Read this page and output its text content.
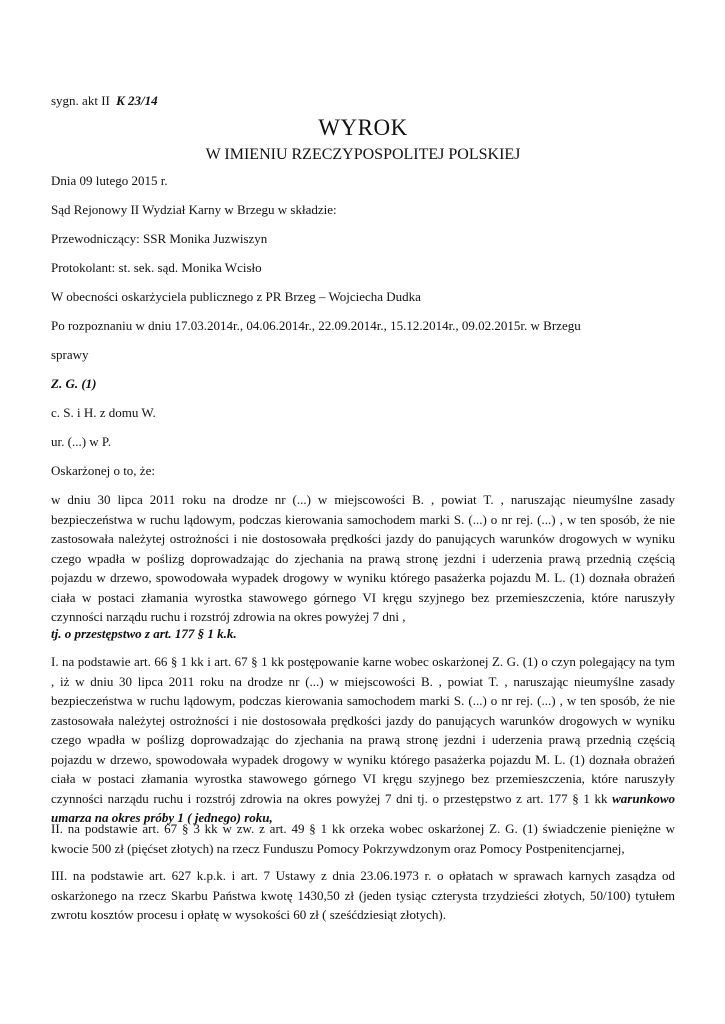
sygn. akt II K 23/14
WYROK
W IMIENIU RZECZYPOSPOLITEJ POLSKIEJ
Dnia 09 lutego 2015 r.
Sąd Rejonowy II Wydział Karny w Brzegu w składzie:
Przewodniczący: SSR Monika Juzwiszyn
Protokolant: st. sek. sąd. Monika Wcisło
W obecności oskarżyciela publicznego z PR Brzeg – Wojciecha Dudka
Po rozpoznaniu w dniu 17.03.2014r., 04.06.2014r., 22.09.2014r., 15.12.2014r., 09.02.2015r. w Brzegu
sprawy
Z. G. (1)
c. S. i H. z domu W.
ur. (...) w P.
Oskarżonej o to, że:
w dniu 30 lipca 2011 roku na drodze nr (...) w miejscowości B. , powiat T. , naruszając nieumyślne zasady bezpieczeństwa w ruchu lądowym, podczas kierowania samochodem marki S. (...) o nr rej. (...) , w ten sposób, że nie zastosowała należytej ostrożności i nie dostosowała prędkości jazdy do panujących warunków drogowych w wyniku czego wpadła w poślizg doprowadzając do zjechania na prawą stronę jezdni i uderzenia prawą przednią częścią pojazdu w drzewo, spowodowała wypadek drogowy w wyniku którego pasażerka pojazdu M. L. (1) doznała obrażeń ciała w postaci złamania wyrostka stawowego górnego VI kręgu szyjnego bez przemieszczenia, które naruszyły czynności narządu ruchu i rozstrój zdrowia na okres powyżej 7 dni ,
tj. o przestępstwo z art. 177 § 1 k.k.
I. na podstawie art. 66 § 1 kk i art. 67 § 1 kk postępowanie karne wobec oskarżonej Z. G. (1) o czyn polegający na tym , iż w dniu 30 lipca 2011 roku na drodze nr (...) w miejscowości B. , powiat T. , naruszając nieumyślne zasady bezpieczeństwa w ruchu lądowym, podczas kierowania samochodem marki S. (...) o nr rej. (...) , w ten sposób, że nie zastosowała należytej ostrożności i nie dostosowała prędkości jazdy do panujących warunków drogowych w wyniku czego wpadła w poślizg doprowadzając do zjechania na prawą stronę jezdni i uderzenia prawą przednią częścią pojazdu w drzewo, spowodowała wypadek drogowy w wyniku którego pasażerka pojazdu M. L. (1) doznała obrażeń ciała w postaci złamania wyrostka stawowego górnego VI kręgu szyjnego bez przemieszczenia, które naruszyły czynności narządu ruchu i rozstrój zdrowia na okres powyżej 7 dni tj. o przestępstwo z art. 177 § 1 kk warunkowo umarza na okres próby 1 ( jednego) roku,
II. na podstawie art. 67 § 3 kk w zw. z art. 49 § 1 kk orzeka wobec oskarżonej Z. G. (1) świadczenie pieniężne w kwocie 500 zł (pięćset złotych) na rzecz Funduszu Pomocy Pokrzywdzonym oraz Pomocy Postpenitencjarnej,
III. na podstawie art. 627 k.p.k. i art. 7 Ustawy z dnia 23.06.1973 r. o opłatach w sprawach karnych zasądza od oskarżonego na rzecz Skarbu Państwa kwotę 1430,50 zł (jeden tysiąc czterysta trzydzieści złotych, 50/100) tytułem zwrotu kosztów procesu i opłatę w wysokości 60 zł ( sześćdziesiąt złotych).
